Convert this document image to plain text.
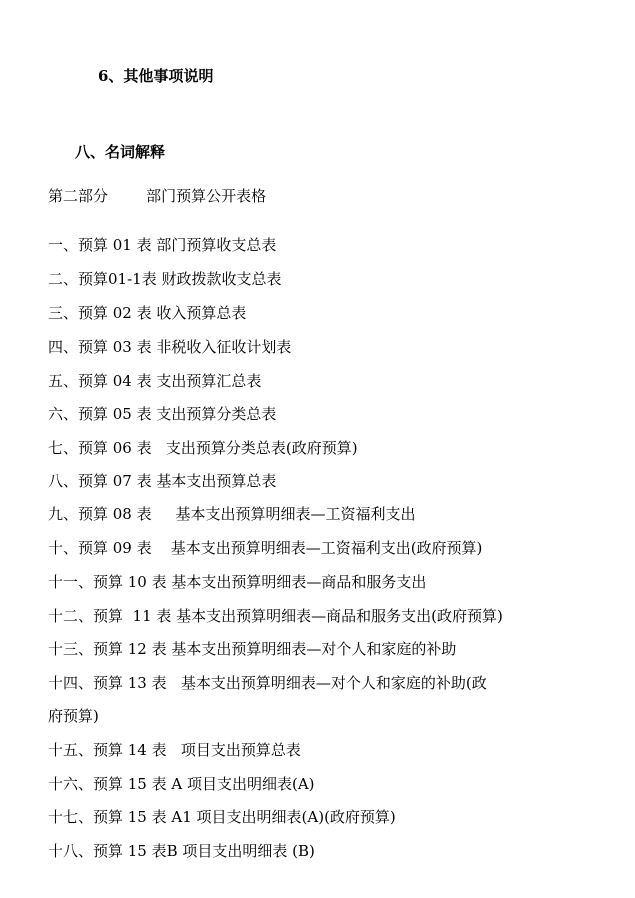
6、其他事项说明
八、名词解释
第二部分        部门预算公开表格
一、预算 01 表 部门预算收支总表
二、预算01-1表 财政拨款收支总表
三、预算 02 表 收入预算总表
四、预算 03 表 非税收入征收计划表
五、预算 04 表 支出预算汇总表
六、预算 05 表 支出预算分类总表
七、预算 06 表   支出预算分类总表(政府预算)
八、预算 07 表 基本支出预算总表
九、预算 08 表     基本支出预算明细表—工资福利支出
十、预算 09 表    基本支出预算明细表—工资福利支出(政府预算)
十一、预算 10 表 基本支出预算明细表—商品和服务支出
十二、预算  11 表 基本支出预算明细表—商品和服务支出(政府预算)
十三、预算 12 表 基本支出预算明细表—对个人和家庭的补助
十四、预算 13 表   基本支出预算明细表—对个人和家庭的补助(政
府预算)
十五、预算 14 表   项目支出预算总表
十六、预算 15 表 A 项目支出明细表(A)
十七、预算 15 表 A1 项目支出明细表(A)(政府预算)
十八、预算 15 表B 项目支出明细表 (B)
